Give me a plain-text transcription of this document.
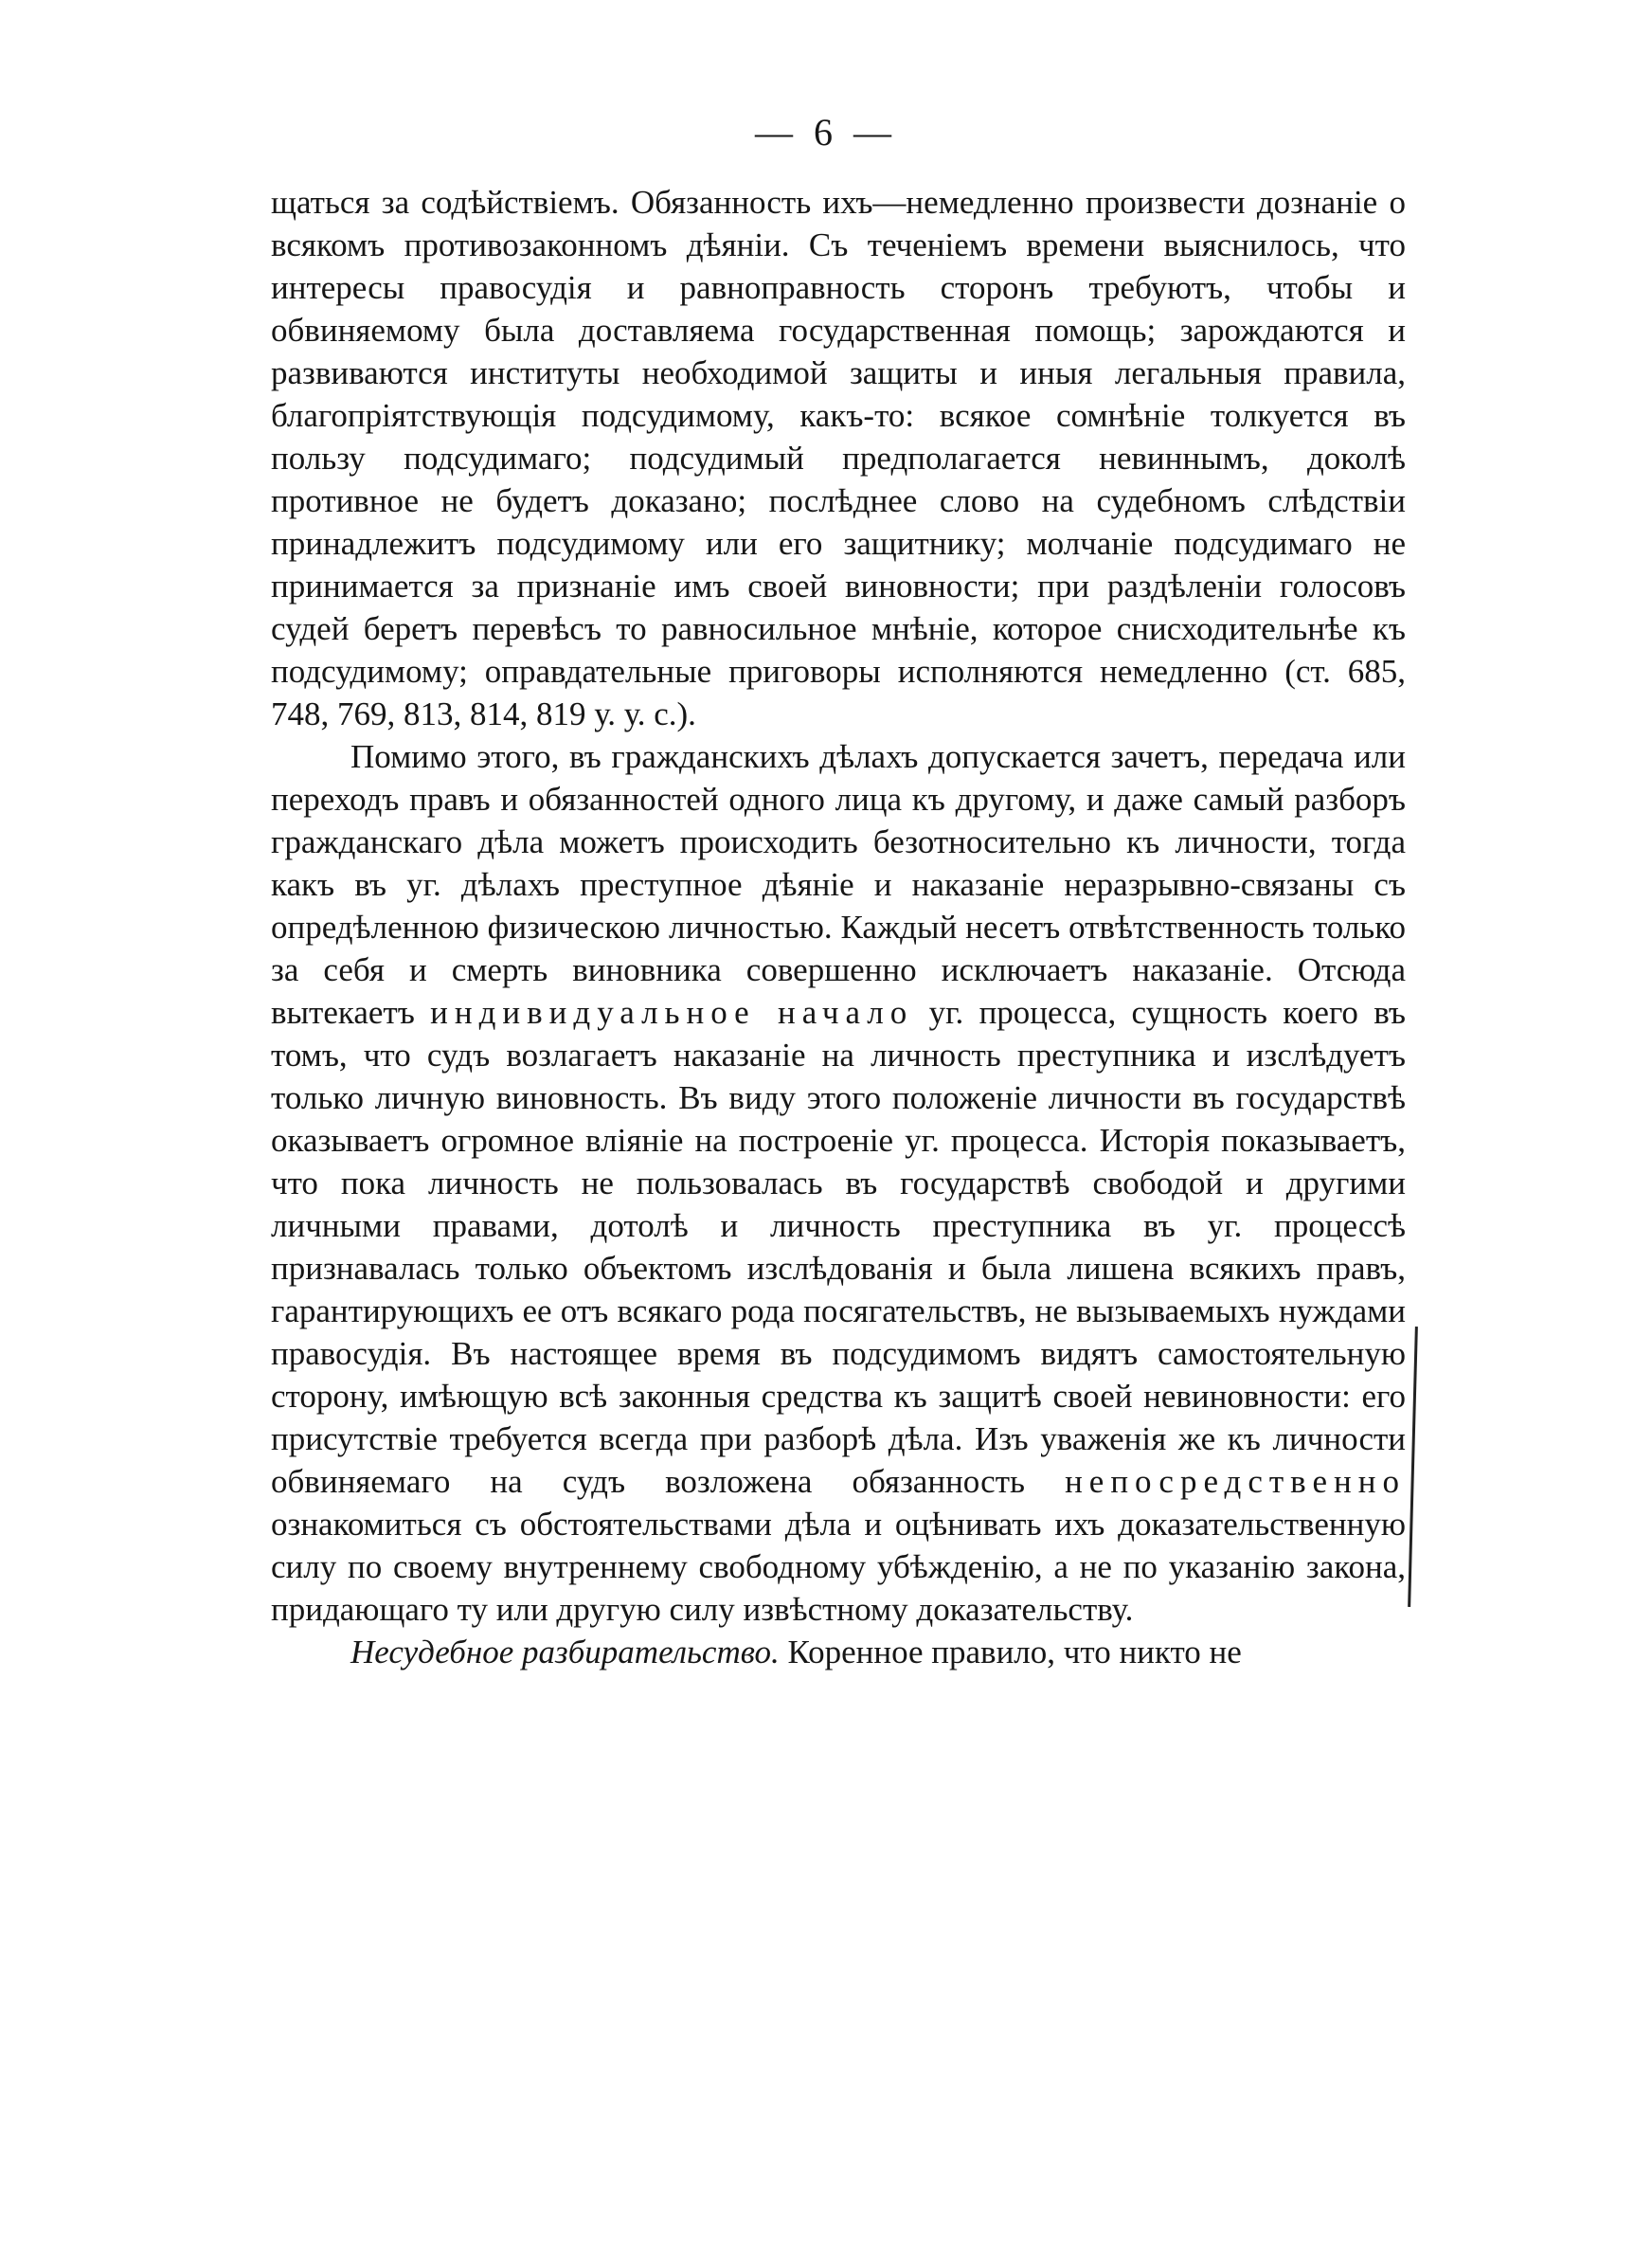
— 6 —

щаться за содѣйствіемъ. Обязанность ихъ—немедленно произвести дознаніе о всякомъ противозаконномъ дѣяніи. Съ теченіемъ времени выяснилось, что интересы правосудія и равноправность сторонъ требуютъ, чтобы и обвиняемому была доставляема государственная помощь; зарождаются и развиваются институты необходимой защиты и иныя легальныя правила, благопріятствующія подсудимому, какъ-то: всякое сомнѣніе толкуется въ пользу подсудимаго; подсудимый предполагается невиннымъ, доколѣ противное не будетъ доказано; послѣднее слово на судебномъ слѣдствіи принадлежитъ подсудимому или его защитнику; молчаніе подсудимаго не принимается за признаніе имъ своей виновности; при раздѣленіи голосовъ судей беретъ перевѣсъ то равносильное мнѣніе, которое снисходительнѣе къ подсудимому; оправдательные приговоры исполняются немедленно (ст. 685, 748, 769, 813, 814, 819 у. у. с.).

Помимо этого, въ гражданскихъ дѣлахъ допускается зачетъ, передача или переходъ правъ и обязанностей одного лица къ другому, и даже самый разборъ гражданскаго дѣла можетъ происходить безотносительно къ личности, тогда какъ въ уг. дѣлахъ преступное дѣяніе и наказаніе неразрывно-связаны съ опредѣленною физическою личностью. Каждый несетъ отвѣтственность только за себя и смерть виновника совершенно исключаетъ наказаніе. Отсюда вытекаетъ индивидуальное начало уг. процесса, сущность коего въ томъ, что судъ возлагаетъ наказаніе на личность преступника и изслѣдуетъ только личную виновность. Въ виду этого положеніе личности въ государствѣ оказываетъ огромное вліяніе на построеніе уг. процесса. Исторія показываетъ, что пока личность не пользовалась въ государствѣ свободой и другими личными правами, дотолѣ и личность преступника въ уг. процессѣ признавалась только объектомъ изслѣдованія и была лишена всякихъ правъ, гарантирующихъ ее отъ всякаго рода посягательствъ, не вызываемыхъ нуждами правосудія. Въ настоящее время въ подсудимомъ видятъ самостоятельную сторону, имѣющую всѣ законныя средства къ защитѣ своей невиновности: его присутствіе требуется всегда при разборѣ дѣла. Изъ уваженія же къ личности обвиняемаго на судъ возложена обязанность непосредственно ознакомиться съ обстоятельствами дѣла и оцѣнивать ихъ доказательственную силу по своему внутреннему свободному убѣжденію, а не по указанію закона, придающаго ту или другую силу извѣстному доказательству.

Несудебное разбирательство. Коренное правило, что никто не
